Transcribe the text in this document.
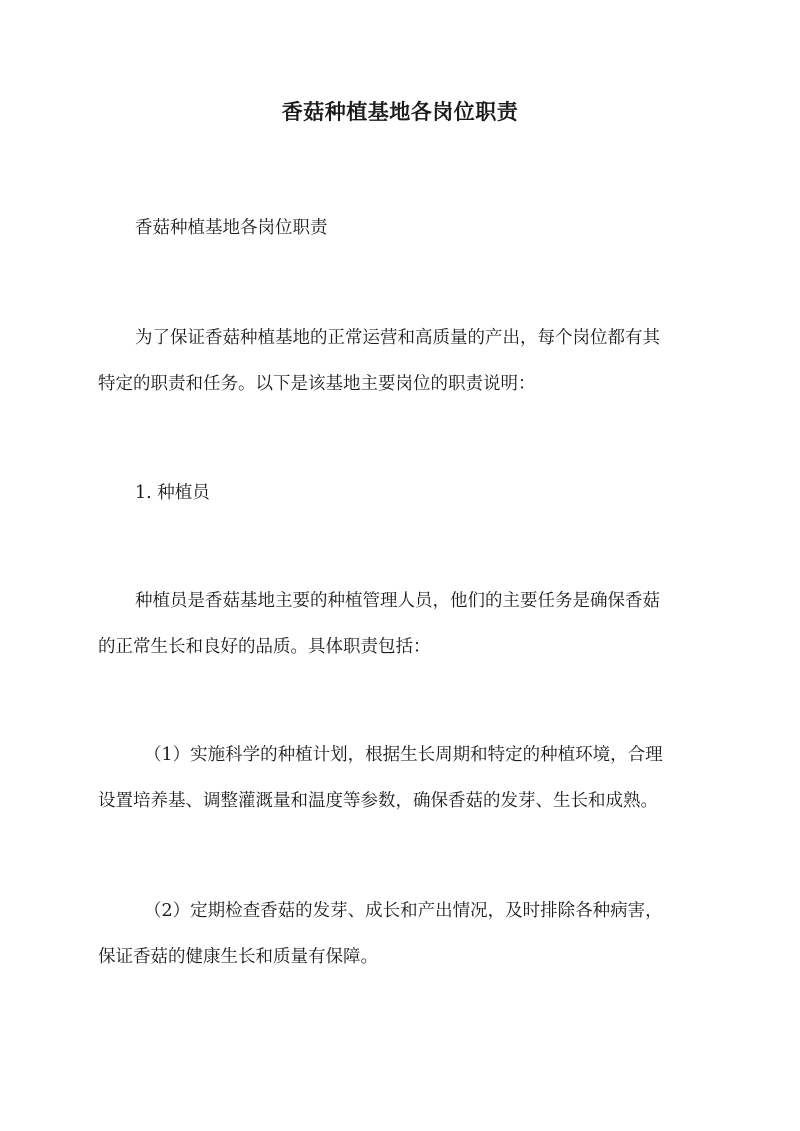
香菇种植基地各岗位职责

香菇种植基地各岗位职责

为了保证香菇种植基地的正常运营和高质量的产出，每个岗位都有其
特定的职责和任务。以下是该基地主要岗位的职责说明：

1. 种植员

种植员是香菇基地主要的种植管理人员，他们的主要任务是确保香菇
的正常生长和良好的品质。具体职责包括：

（1）实施科学的种植计划，根据生长周期和特定的种植环境，合理
设置培养基、调整灌溉量和温度等参数，确保香菇的发芽、生长和成熟。

（2）定期检查香菇的发芽、成长和产出情况，及时排除各种病害，
保证香菇的健康生长和质量有保障。
